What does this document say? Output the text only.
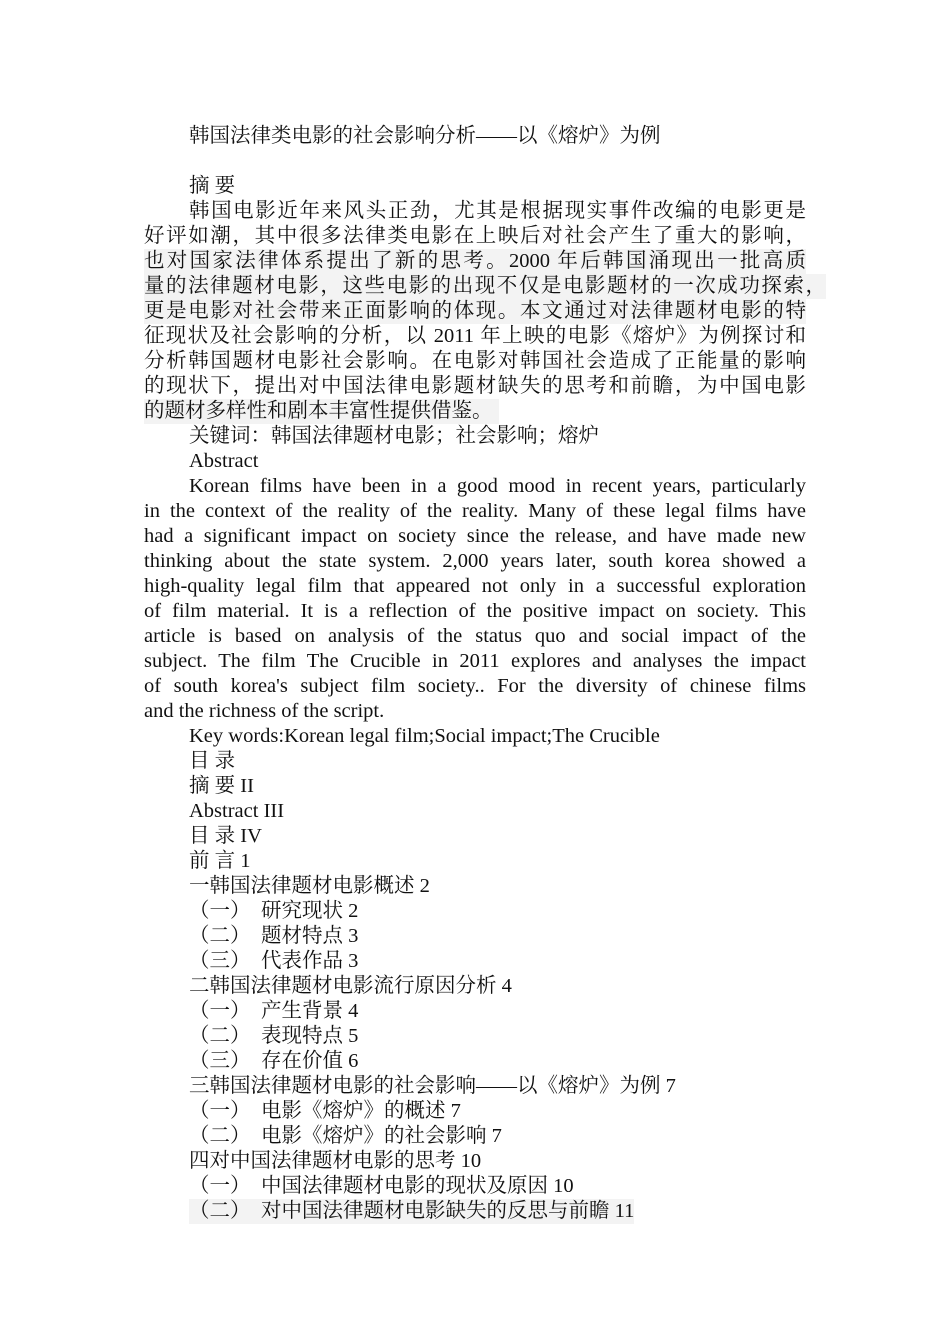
韩国法律类电影的社会影响分析——以《熔炉》为例
摘 要
韩国电影近年来风头正劲，尤其是根据现实事件改编的电影更是
好评如潮，其中很多法律类电影在上映后对社会产生了重大的影响，
也对国家法律体系提出了新的思考。2000 年后韩国涌现出一批高质
量的法律题材电影，这些电影的出现不仅是电影题材的一次成功探索，
更是电影对社会带来正面影响的体现。本文通过对法律题材电影的特
征现状及社会影响的分析，以 2011 年上映的电影《熔炉》为例探讨和
分析韩国题材电影社会影响。在电影对韩国社会造成了正能量的影响
的现状下，提出对中国法律电影题材缺失的思考和前瞻，为中国电影
的题材多样性和剧本丰富性提供借鉴。
关键词：韩国法律题材电影；社会影响；熔炉
Abstract
Korean films have been in a good mood in recent years, particularly
in the context of the reality of the reality. Many of these legal films have
had a significant impact on society since the release, and have made new
thinking about the state system. 2,000 years later, south korea showed a
high-quality legal film that appeared not only in a successful exploration
of film material. It is a reflection of the positive impact on society. This
article is based on analysis of the status quo and social impact of the
subject. The film The Crucible in 2011 explores and analyses the impact
of south korea's subject film society.. For the diversity of chinese films
and the richness of the script.
Key words:Korean legal film;Social impact;The Crucible
目 录
摘 要 II
Abstract III
目 录 IV
前 言 1
一韩国法律题材电影概述 2
（一） 研究现状 2
（二） 题材特点 3
（三） 代表作品 3
二韩国法律题材电影流行原因分析 4
（一） 产生背景 4
（二） 表现特点 5
（三） 存在价值 6
三韩国法律题材电影的社会影响——以《熔炉》为例 7
（一） 电影《熔炉》的概述 7
（二） 电影《熔炉》的社会影响 7
四对中国法律题材电影的思考 10
（一） 中国法律题材电影的现状及原因 10
（二） 对中国法律题材电影缺失的反思与前瞻 11
